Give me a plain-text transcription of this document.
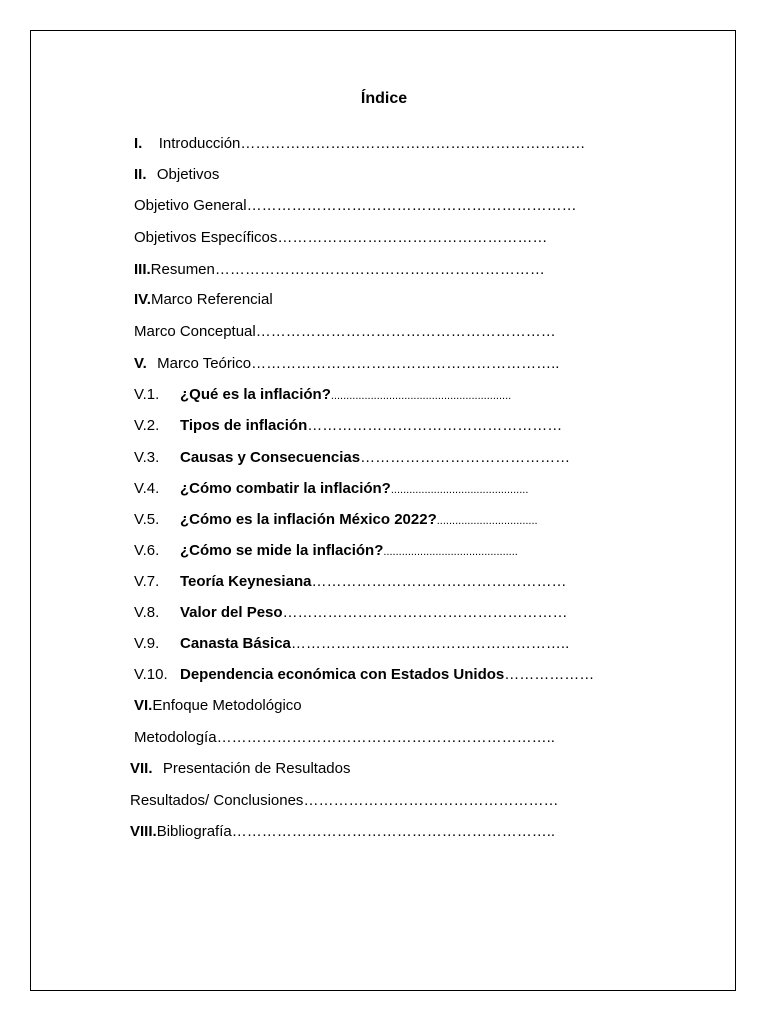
Índice
I. Introducción……………………………………………………………
II. Objetivos
Objetivo General…………………………………………………………
Objetivos Específicos………………………………………………
III.Resumen…………………………………………………………
IV.Marco Referencial
Marco Conceptual……………………………………………………
V. Marco Teórico……………………………………………………..
V.1. ¿Qué es la inflación?...........................................................
V.2. Tipos de inflación……………………………………………
V.3. Causas y Consecuencias……………………………………
V.4. ¿Cómo combatir la inflación?.............................................
V.5. ¿Cómo es la inflación México 2022?.................................
V.6. ¿Cómo se mide la inflación?............................................
V.7. Teoría Keynesiana……………………………………………
V.8. Valor del Peso…………………………………………………
V.9. Canasta Básica………………………………………………..
V.10. Dependencia económica con Estados Unidos………………
VI.Enfoque Metodológico
Metodología…………………………………………………………..
VII. Presentación de Resultados
Resultados/ Conclusiones……………………………………………
VIII.Bibliografía………………………………………………………..
